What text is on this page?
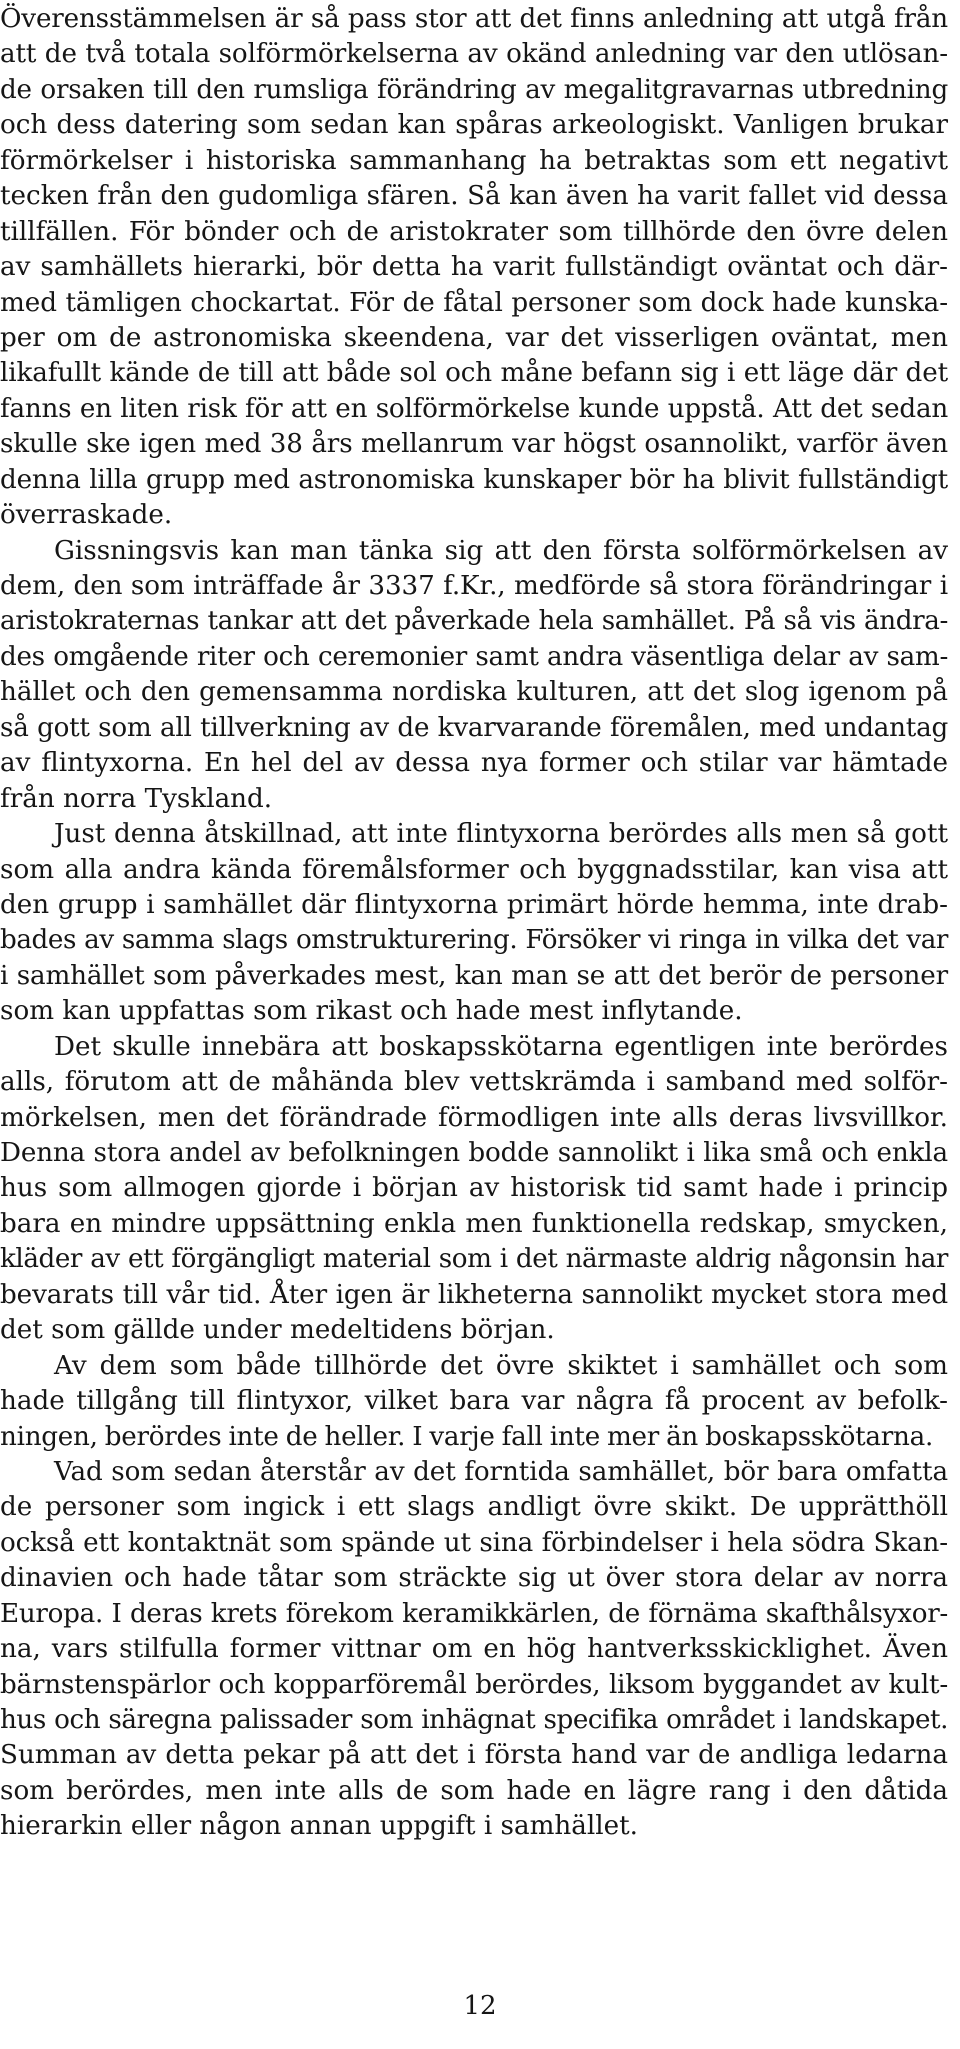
Överensstämmelsen är så pass stor att det finns anledning att utgå från
att de två totala solförmörkelserna av okänd anledning var den utlösan-
de orsaken till den rumsliga förändring av megalitgravarnas utbredning
och dess datering som sedan kan spåras arkeologiskt. Vanligen brukar
förmörkelser i historiska sammanhang ha betraktas som ett negativt
tecken från den gudomliga sfären. Så kan även ha varit fallet vid dessa
tillfällen. För bönder och de aristokrater som tillhörde den övre delen
av samhällets hierarki, bör detta ha varit fullständigt oväntat och där-
med tämligen chockartat. För de fåtal personer som dock hade kunska-
per om de astronomiska skeendena, var det visserligen oväntat, men
likafullt kände de till att både sol och måne befann sig i ett läge där det
fanns en liten risk för att en solförmörkelse kunde uppstå. Att det sedan
skulle ske igen med 38 års mellanrum var högst osannolikt, varför även
denna lilla grupp med astronomiska kunskaper bör ha blivit fullständigt
överraskade.
Gissningsvis kan man tänka sig att den första solförmörkelsen av
dem, den som inträffade år 3337 f.Kr., medförde så stora förändringar i
aristokraternas tankar att det påverkade hela samhället. På så vis ändra-
des omgående riter och ceremonier samt andra väsentliga delar av sam-
hället och den gemensamma nordiska kulturen, att det slog igenom på
så gott som all tillverkning av de kvarvarande föremålen, med undantag
av flintyxorna. En hel del av dessa nya former och stilar var hämtade
från norra Tyskland.
Just denna åtskillnad, att inte flintyxorna berördes alls men så gott
som alla andra kända föremålsformer och byggnadsstilar, kan visa att
den grupp i samhället där flintyxorna primärt hörde hemma, inte drab-
bades av samma slags omstrukturering. Försöker vi ringa in vilka det var
i samhället som påverkades mest, kan man se att det berör de personer
som kan uppfattas som rikast och hade mest inflytande.
Det skulle innebära att boskapsskötarna egentligen inte berördes
alls, förutom att de måhända blev vettskrämda i samband med solför-
mörkelsen, men det förändrade förmodligen inte alls deras livsvillkor.
Denna stora andel av befolkningen bodde sannolikt i lika små och enkla
hus som allmogen gjorde i början av historisk tid samt hade i princip
bara en mindre uppsättning enkla men funktionella redskap, smycken,
kläder av ett förgängligt material som i det närmaste aldrig någonsin har
bevarats till vår tid. Åter igen är likheterna sannolikt mycket stora med
det som gällde under medeltidens början.
Av dem som både tillhörde det övre skiktet i samhället och som
hade tillgång till flintyxor, vilket bara var några få procent av befolk-
ningen, berördes inte de heller. I varje fall inte mer än boskapsskötarna.
Vad som sedan återstår av det forntida samhället, bör bara omfatta
de personer som ingick i ett slags andligt övre skikt. De upprätthöll
också ett kontaktnät som spände ut sina förbindelser i hela södra Skan-
dinavien och hade tåtar som sträckte sig ut över stora delar av norra
Europa. I deras krets förekom keramikkärlen, de förnäma skafthålsyxor-
na, vars stilfulla former vittnar om en hög hantverksskicklighet. Även
bärnstenspärlor och kopparföremål berördes, liksom byggandet av kult-
hus och säregna palissader som inhägnat specifika området i landskapet.
Summan av detta pekar på att det i första hand var de andliga ledarna
som berördes, men inte alls de som hade en lägre rang i den dåtida
hierarkin eller någon annan uppgift i samhället.
12
